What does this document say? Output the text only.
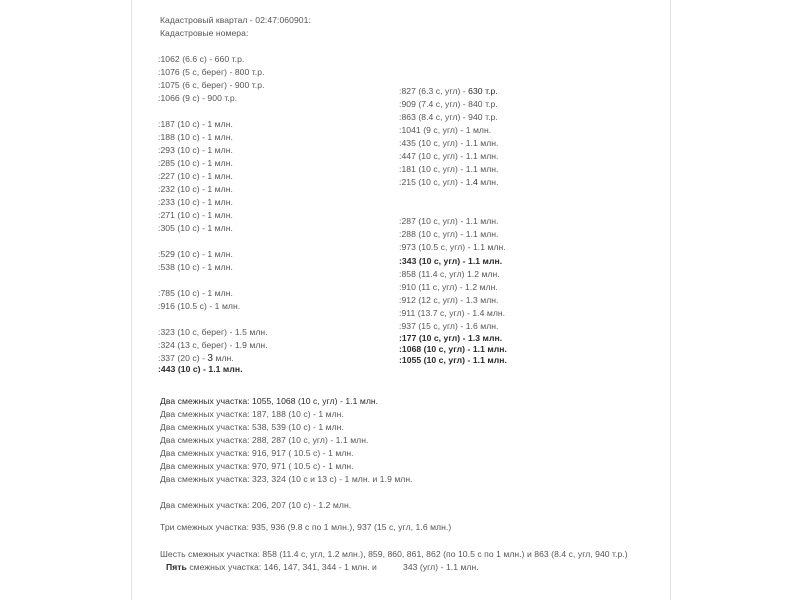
Кадастровый квартал - 02:47:060901:
Кадастровые номера:
:1062 (6.6 с) - 660 т.р.
:1076 (5 с, берег) - 800 т.р.
:1075 (6 с, берег) - 900 т.р.
:1066 (9 с) - 900 т.р.
:187 (10 с) - 1 млн.
:188 (10 с) - 1 млн.
:293 (10 с) - 1 млн.
:285 (10 с) - 1 млн.
:227 (10 с) - 1 млн.
:232 (10 с) - 1 млн.
:233 (10 с) - 1 млн.
:271 (10 с) - 1 млн.
:305 (10 с) - 1 млн.
:529 (10 с) - 1 млн.
:538 (10 с) - 1 млн.
:785 (10 с) - 1 млн.
:916 (10.5 с) - 1 млн.
:323 (10 с, берег) - 1.5 млн.
:324 (13 с, берег) - 1.9 млн.
:337 (20 с) - 3 млн.
:443 (10 с) - 1.1 млн.
:827 (6.3 с, угл) - 630 т.р.
:909 (7.4 с, угл) - 840 т.р.
:863 (8.4 с, угл) - 940 т.р.
:1041 (9 с, угл) - 1 млн.
:435 (10 с, угл) - 1.1 млн.
:447 (10 с, угл) - 1.1 млн.
:181 (10 с, угл) - 1.1 млн.
:215 (10 с, угл) - 1.4 млн.
:287 (10 с, угл) - 1.1 млн.
:288 (10 с, угл) - 1.1 млн.
:973 (10.5 с, угл) - 1.1 млн.
:343 (10 с, угл) - 1.1 млн.
:858 (11.4 с, угл) 1.2 млн.
:910 (11 с, угл) - 1.2 млн.
:912 (12 с, угл) - 1.3 млн.
:911 (13.7 с, угл) - 1.4 млн.
:937 (15 с, угл) - 1.6 млн.
:177 (10 с, угл) - 1.3 млн.
:1068 (10 с, угл) - 1.1 млн.
:1055 (10 с, угл) - 1.1 млн.
Два смежных участка: 1055, 1068 (10 с, угл) - 1.1 млн.
Два смежных участка: 187, 188 (10 с) - 1 млн.
Два смежных участка: 538, 539 (10 с) - 1 млн.
Два смежных участка: 288, 287 (10 с, угл) - 1.1 млн.
Два смежных участка: 916, 917 ( 10.5 с) - 1 млн.
Два смежных участка: 970, 971 ( 10.5 с) - 1 млн.
Два смежных участка: 323, 324 (10 с и 13 с) - 1 млн. и 1.9 млн.
Два смежных участка: 206, 207 (10 с) - 1.2 млн.
Три смежных участка: 935, 936 (9.8 с по 1 млн.), 937 (15 с, угл, 1.6 млн.)
Шесть смежных участка: 858 (11.4 с, угл, 1.2 млн.), 859, 860, 861, 862 (по 10.5 с по 1 млн.) и 863 (8.4 с, угл, 940 т.р.)
Пять смежных участка: 146, 147, 341, 344 - 1 млн. и	343 (угл) - 1.1 млн.
